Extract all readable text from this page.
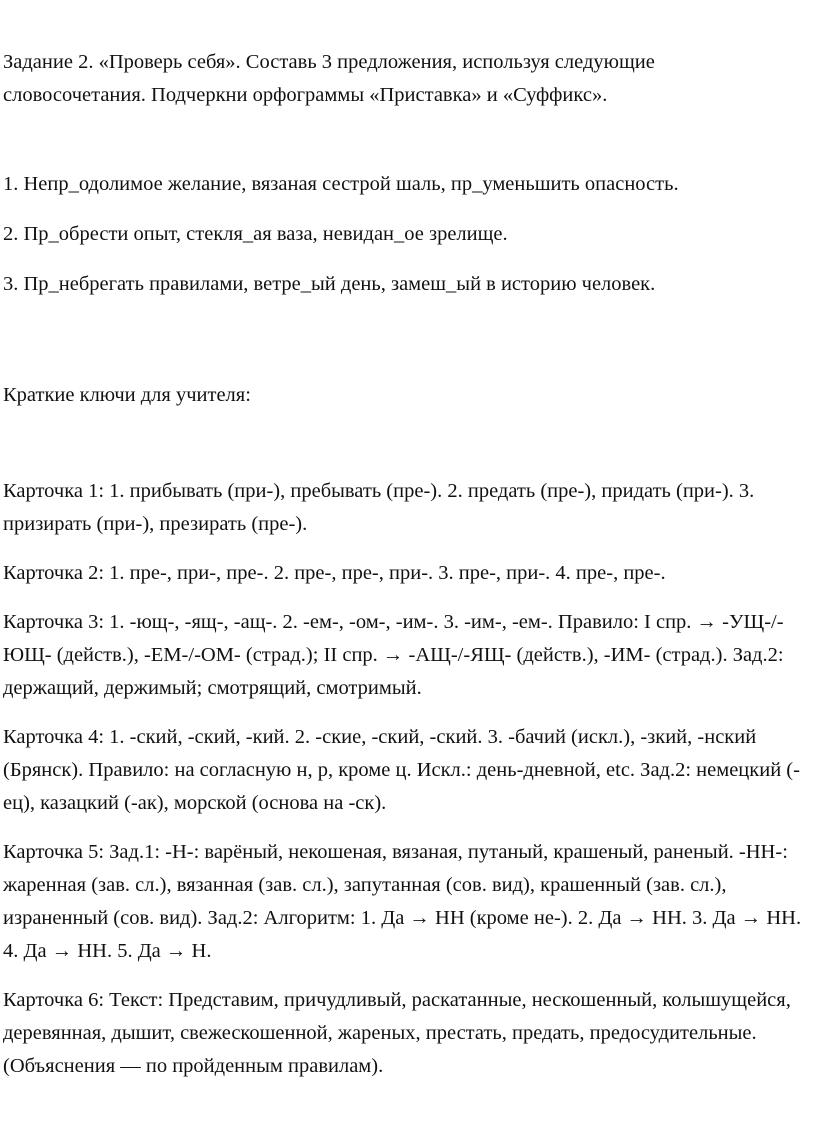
Задание 2. «Проверь себя». Составь 3 предложения, используя следующие словосочетания. Подчеркни орфограммы «Приставка» и «Суффикс».

1. Непр_одолимое желание, вязаная сестрой шаль, пр_уменьшить опасность.

2. Пр_обрести опыт, стекля_ая ваза, невидан_ое зрелище.

3. Пр_небрегать правилами, ветре_ый день, замеш_ый в историю человек.

Краткие ключи для учителя:

Карточка 1: 1. прибывать (при-), пребывать (пре-). 2. предать (пре-), придать (при-). 3. призирать (при-), презирать (пре-).

Карточка 2: 1. пре-, при-, пре-. 2. пре-, пре-, при-. 3. пре-, при-. 4. пре-, пре-.

Карточка 3: 1. -ющ-, -ящ-, -ащ-. 2. -ем-, -ом-, -им-. 3. -им-, -ем-. Правило: I спр. → -УЩ-/-ЮЩ- (действ.), -ЕМ-/-ОМ- (страд.); II спр. → -АЩ-/-ЯЩ- (действ.), -ИМ- (страд.). Зад.2: держащий, держимый; смотрящий, смотримый.

Карточка 4: 1. -ский, -ский, -кий. 2. -ские, -ский, -ский. 3. -бачий (искл.), -зкий, -нский (Брянск). Правило: на согласную н, р, кроме ц. Искл.: день-дневной, etc. Зад.2: немецкий (-ец), казацкий (-ак), морской (основа на -ск).

Карточка 5: Зад.1: -Н-: варёный, некошеная, вязаная, путаный, крашеный, раненый. -НН-: жаренная (зав. сл.), вязанная (зав. сл.), запутанная (сов. вид), крашенный (зав. сл.), израненный (сов. вид). Зад.2: Алгоритм: 1. Да → НН (кроме не-). 2. Да → НН. 3. Да → НН. 4. Да → НН. 5. Да → Н.

Карточка 6: Текст: Представим, причудливый, раскатанные, нескошенный, колышущейся, деревянная, дышит, свежескошенной, жареных, престать, предать, предосудительные. (Объяснения — по пройденным правилам).
